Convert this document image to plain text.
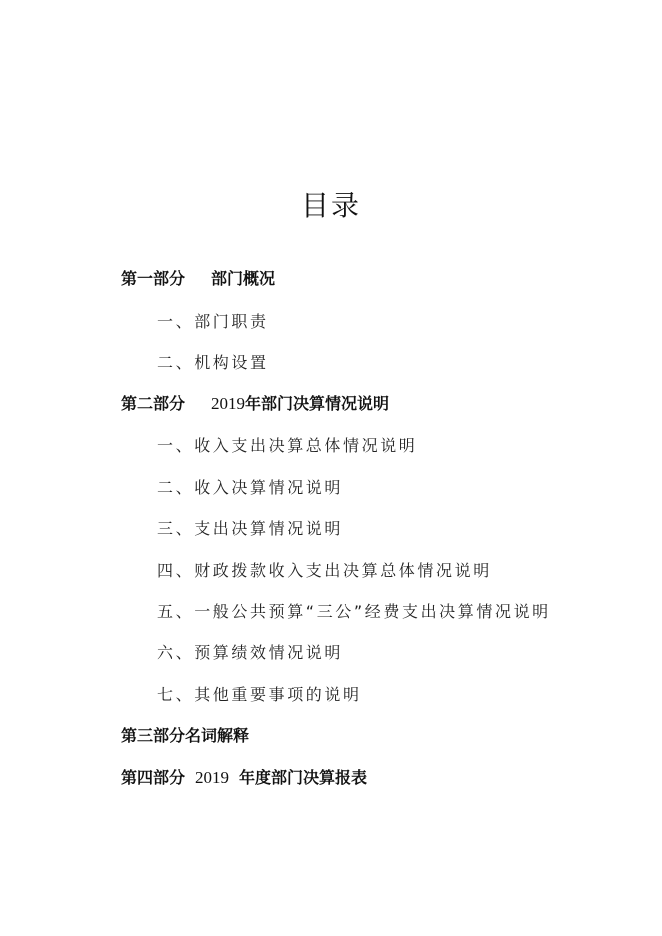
目录
第一部分 部门概况
一、部门职责
二、机构设置
第二部分 2019年部门决算情况说明
一、收入支出决算总体情况说明
二、收入决算情况说明
三、支出决算情况说明
四、财政拨款收入支出决算总体情况说明
五、一般公共预算“三公”经费支出决算情况说明
六、预算绩效情况说明
七、其他重要事项的说明
第三部分名词解释
第四部分 2019 年度部门决算报表
